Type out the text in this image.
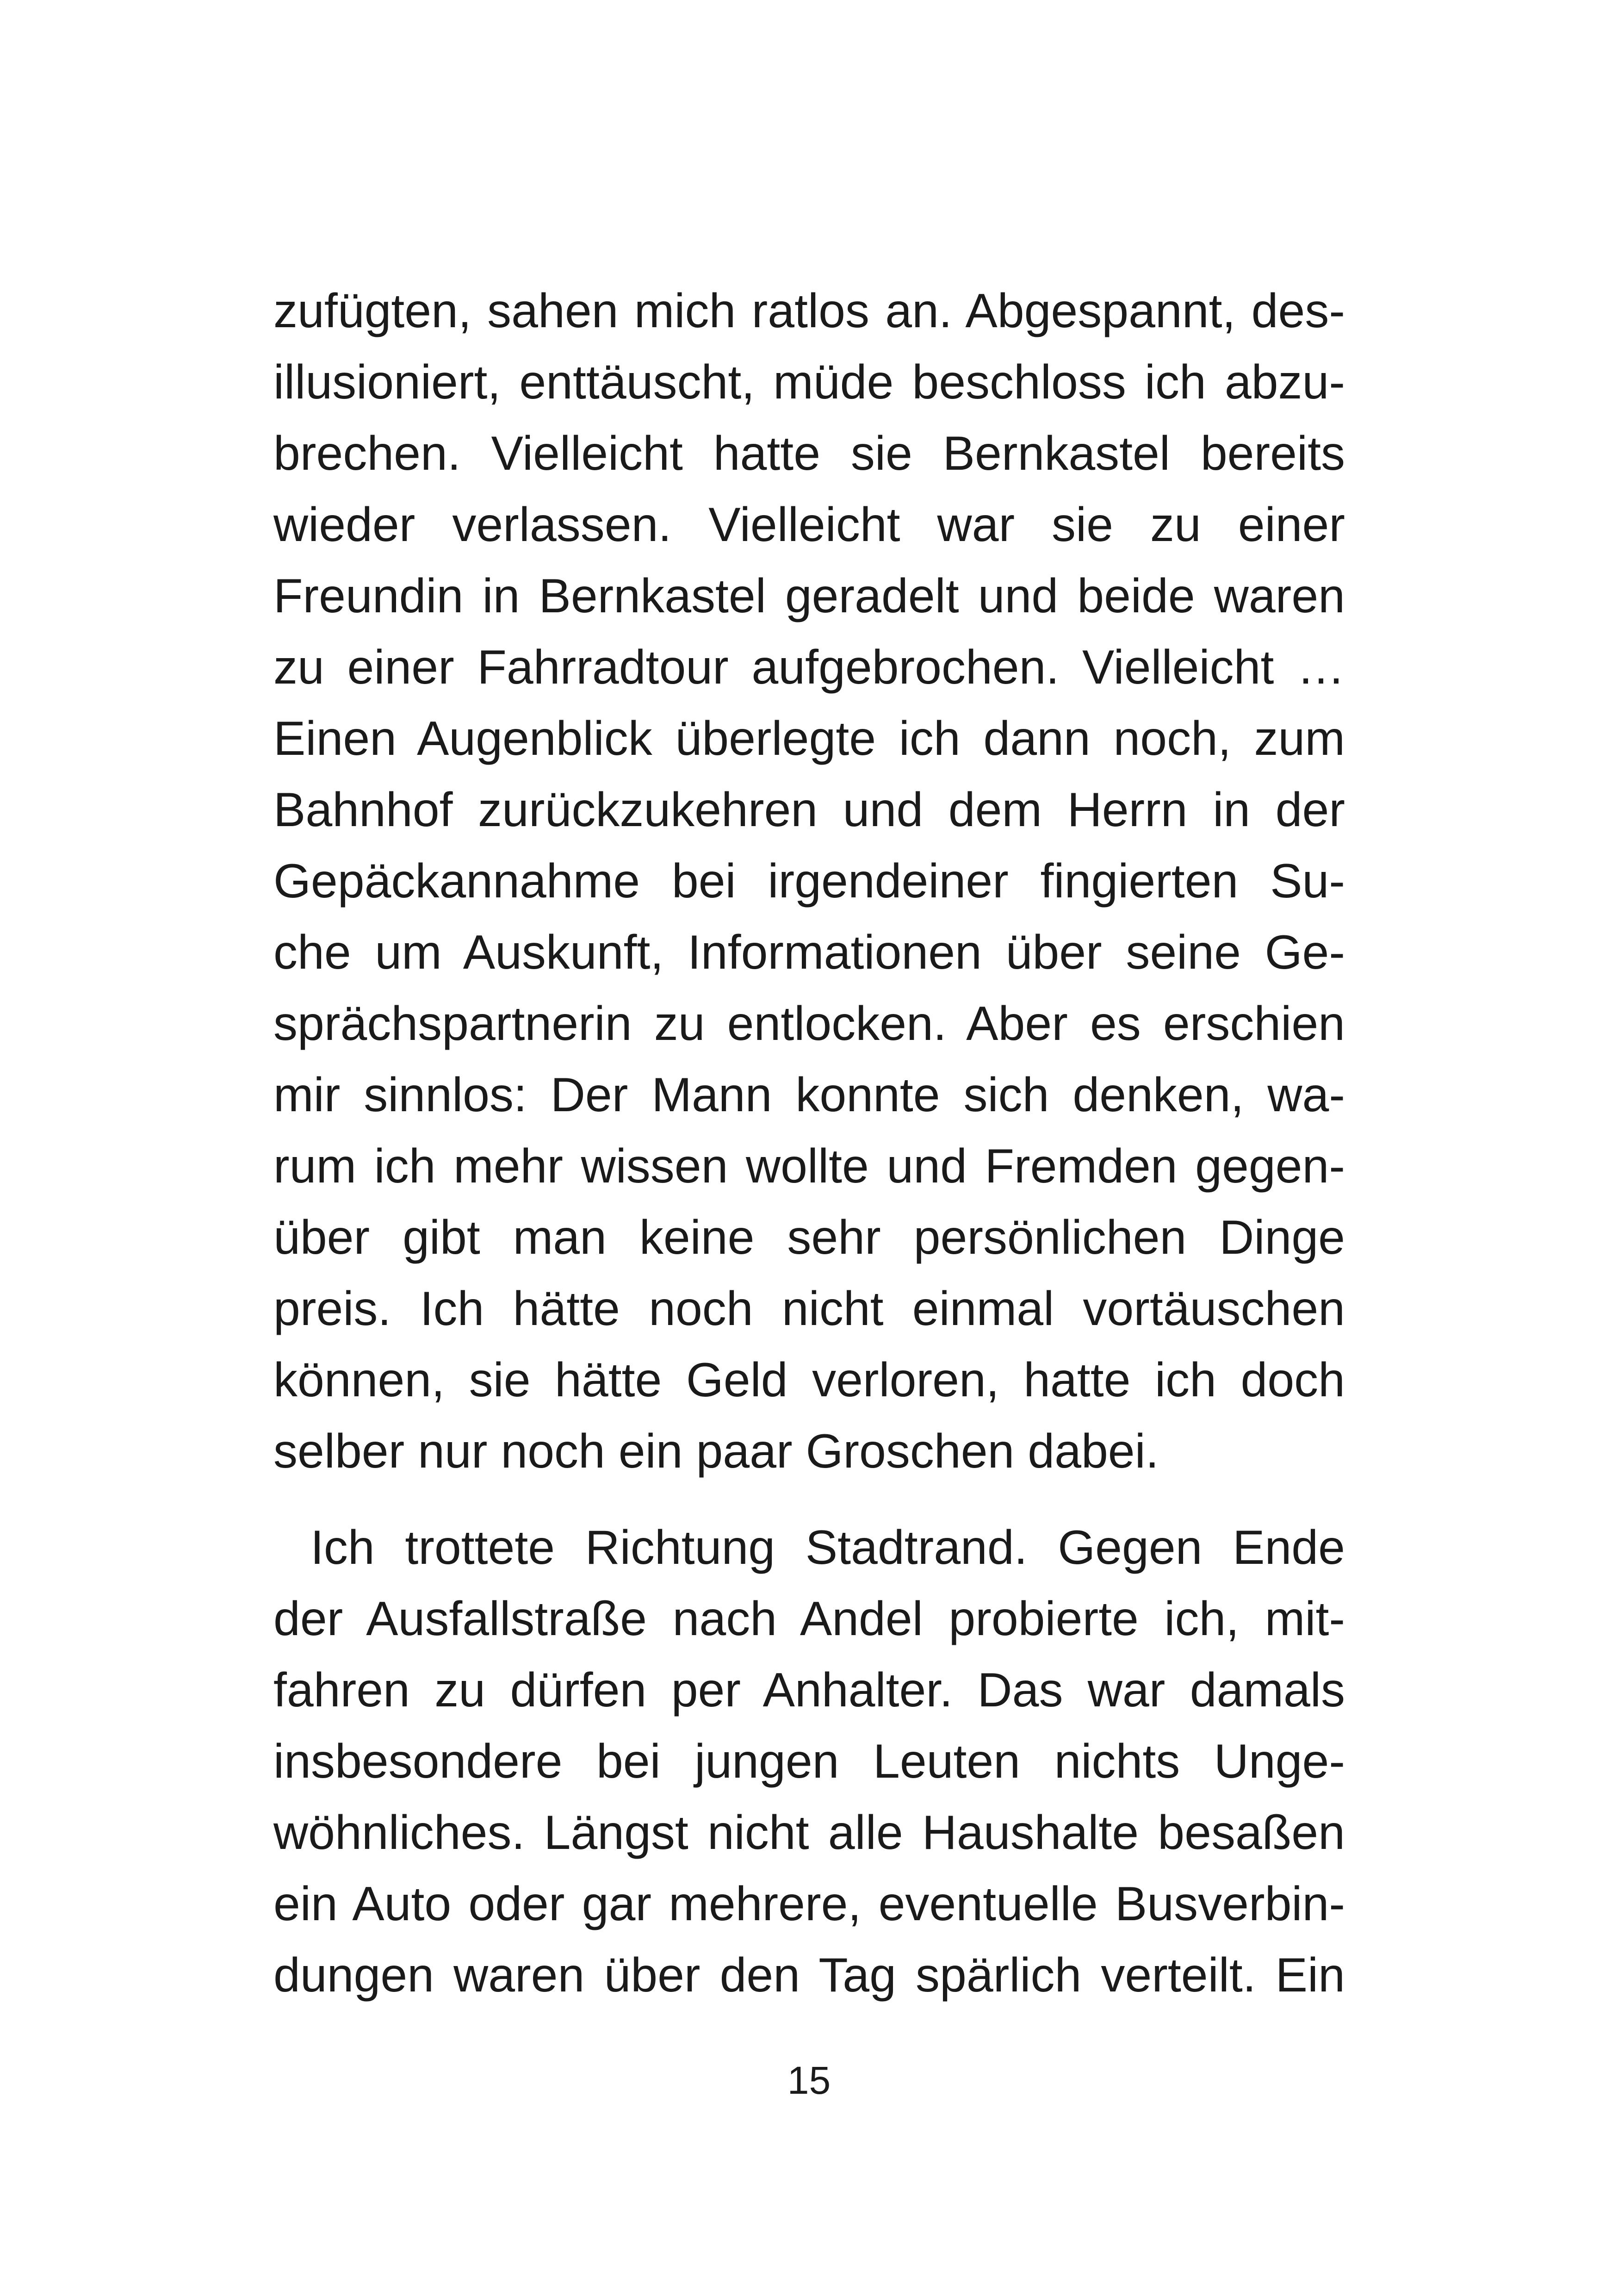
zufügten, sahen mich ratlos an. Abgespannt, des-
illusioniert, enttäuscht, müde beschloss ich abzu-
brechen. Vielleicht hatte sie Bernkastel bereits
wieder verlassen. Vielleicht war sie zu einer
Freundin in Bernkastel geradelt und beide waren
zu einer Fahrradtour aufgebrochen. Vielleicht …
Einen Augenblick überlegte ich dann noch, zum
Bahnhof zurückzukehren und dem Herrn in der
Gepäckannahme bei irgendeiner fingierten Su-
che um Auskunft, Informationen über seine Ge-
sprächspartnerin zu entlocken. Aber es erschien
mir sinnlos: Der Mann konnte sich denken, wa-
rum ich mehr wissen wollte und Fremden gegen-
über gibt man keine sehr persönlichen Dinge
preis. Ich hätte noch nicht einmal vortäuschen
können, sie hätte Geld verloren, hatte ich doch
selber nur noch ein paar Groschen dabei.
Ich trottete Richtung Stadtrand. Gegen Ende
der Ausfallstraße nach Andel probierte ich, mit-
fahren zu dürfen per Anhalter. Das war damals
insbesondere bei jungen Leuten nichts Unge-
wöhnliches. Längst nicht alle Haushalte besaßen
ein Auto oder gar mehrere, eventuelle Busverbin-
dungen waren über den Tag spärlich verteilt. Ein
15
